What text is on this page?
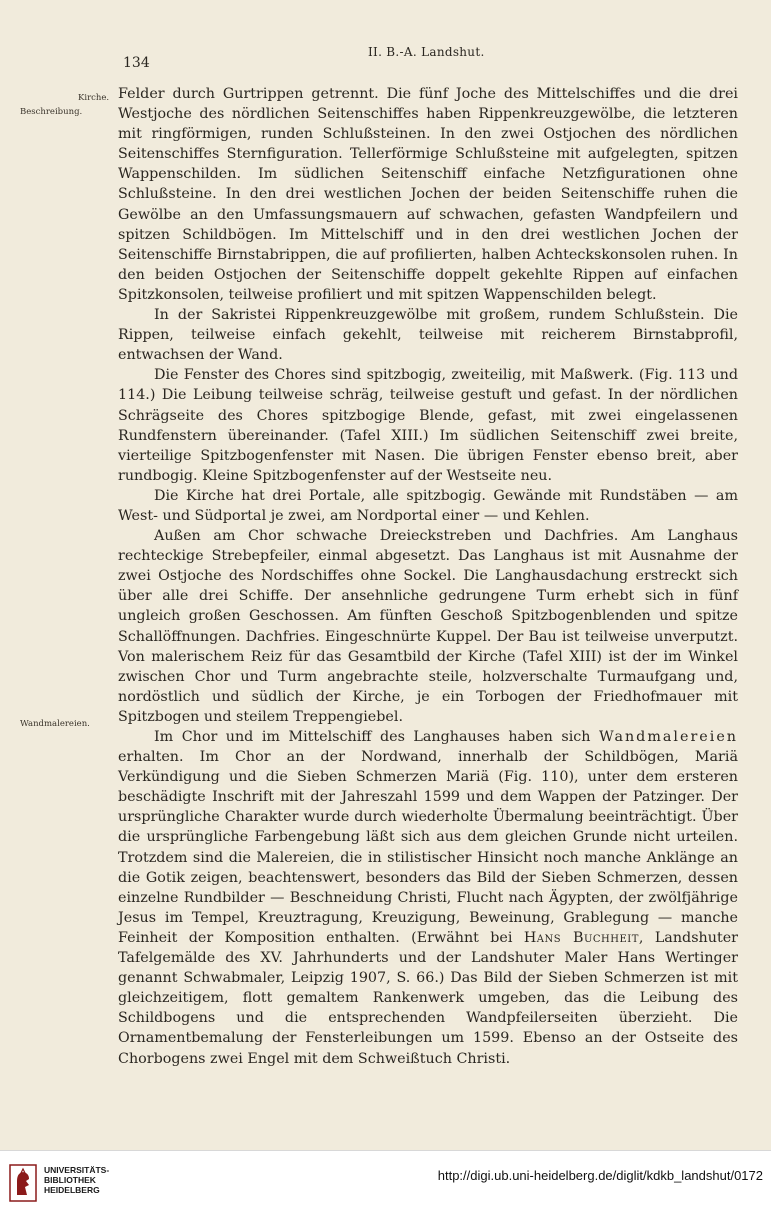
134
II. B.-A. Landshut.
Kirche.
Beschreibung.
Wandmalereien.

Felder durch Gurtrippen getrennt. Die fünf Joche des Mittelschiffes und die drei Westjoche des nördlichen Seitenschiffes haben Rippenkreuzgewölbe, die letzteren mit ringförmigen, runden Schlußsteinen. In den zwei Ostjochen des nördlichen Seitenschiffes Sternfiguration. Tellerförmige Schlußsteine mit aufgelegten, spitzen Wappenschilden. Im südlichen Seitenschiff einfache Netzfigurationen ohne Schlußsteine. In den drei westlichen Jochen der beiden Seitenschiffe ruhen die Gewölbe an den Umfassungsmauern auf schwachen, gefasten Wandpfeilern und spitzen Schildbögen. Im Mittelschiff und in den drei westlichen Jochen der Seitenschiffe Birnstabrippen, die auf profilierten, halben Achteckskonsolen ruhen. In den beiden Ostjochen der Seitenschiffe doppelt gekehlte Rippen auf einfachen Spitzkonsolen, teilweise profiliert und mit spitzen Wappenschilden belegt.

In der Sakristei Rippenkreuzgewölbe mit großem, rundem Schlußstein. Die Rippen, teilweise einfach gekehlt, teilweise mit reicherem Birnstabprofil, entwachsen der Wand.

Die Fenster des Chores sind spitzbogig, zweiteilig, mit Maßwerk. (Fig. 113 und 114.) Die Leibung teilweise schräg, teilweise gestuft und gefast. In der nördlichen Schrägseite des Chores spitzbogige Blende, gefast, mit zwei eingelassenen Rundfenstern übereinander. (Tafel XIII.) Im südlichen Seitenschiff zwei breite, vierteilige Spitzbogenfenster mit Nasen. Die übrigen Fenster ebenso breit, aber rundbogig. Kleine Spitzbogenfenster auf der Westseite neu.

Die Kirche hat drei Portale, alle spitzbogig. Gewände mit Rundstäben — am West- und Südportal je zwei, am Nordportal einer — und Kehlen.

Außen am Chor schwache Dreieckstreben und Dachfries. Am Langhaus rechteckige Strebepfeiler, einmal abgesetzt. Das Langhaus ist mit Ausnahme der zwei Ostjoche des Nordschiffes ohne Sockel. Die Langhausdachung erstreckt sich über alle drei Schiffe. Der ansehnliche gedrungene Turm erhebt sich in fünf ungleich großen Geschossen. Am fünften Geschoß Spitzbogenblenden und spitze Schallöffnungen. Dachfries. Eingeschnürte Kuppel. Der Bau ist teilweise unverputzt. Von malerischem Reiz für das Gesamtbild der Kirche (Tafel XIII) ist der im Winkel zwischen Chor und Turm angebrachte steile, holzverschalte Turmaufgang und, nordöstlich und südlich der Kirche, je ein Torbogen der Friedhofmauer mit Spitzbogen und steilem Treppengiebel.

Im Chor und im Mittelschiff des Langhauses haben sich Wandmalereien erhalten. Im Chor an der Nordwand, innerhalb der Schildbögen, Mariä Verkündigung und die Sieben Schmerzen Mariä (Fig. 110), unter dem ersteren beschädigte Inschrift mit der Jahreszahl 1599 und dem Wappen der Patzinger. Der ursprüngliche Charakter wurde durch wiederholte Übermalung beeinträchtigt. Über die ursprüngliche Farbengebung läßt sich aus dem gleichen Grunde nicht urteilen. Trotzdem sind die Malereien, die in stilistischer Hinsicht noch manche Anklänge an die Gotik zeigen, beachtenswert, besonders das Bild der Sieben Schmerzen, dessen einzelne Rundbilder — Beschneidung Christi, Flucht nach Ägypten, der zwölfjährige Jesus im Tempel, Kreuztragung, Kreuzigung, Beweinung, Grablegung — manche Feinheit der Komposition enthalten. (Erwähnt bei Hans Buchheit, Landshuter Tafelgemälde des XV. Jahrhunderts und der Landshuter Maler Hans Wertinger genannt Schwabmaler, Leipzig 1907, S. 66.) Das Bild der Sieben Schmerzen ist mit gleichzeitigem, flott gemaltem Rankenwerk umgeben, das die Leibung des Schildbogens und die entsprechenden Wandpfeilerseiten überzieht. Die Ornamentbemalung der Fensterleibungen um 1599. Ebenso an der Ostseite des Chorbogens zwei Engel mit dem Schweißtuch Christi.

UNIVERSITÄTS-
BIBLIOTHEK
HEIDELBERG
http://digi.ub.uni-heidelberg.de/diglit/kdkb_landshut/0172
